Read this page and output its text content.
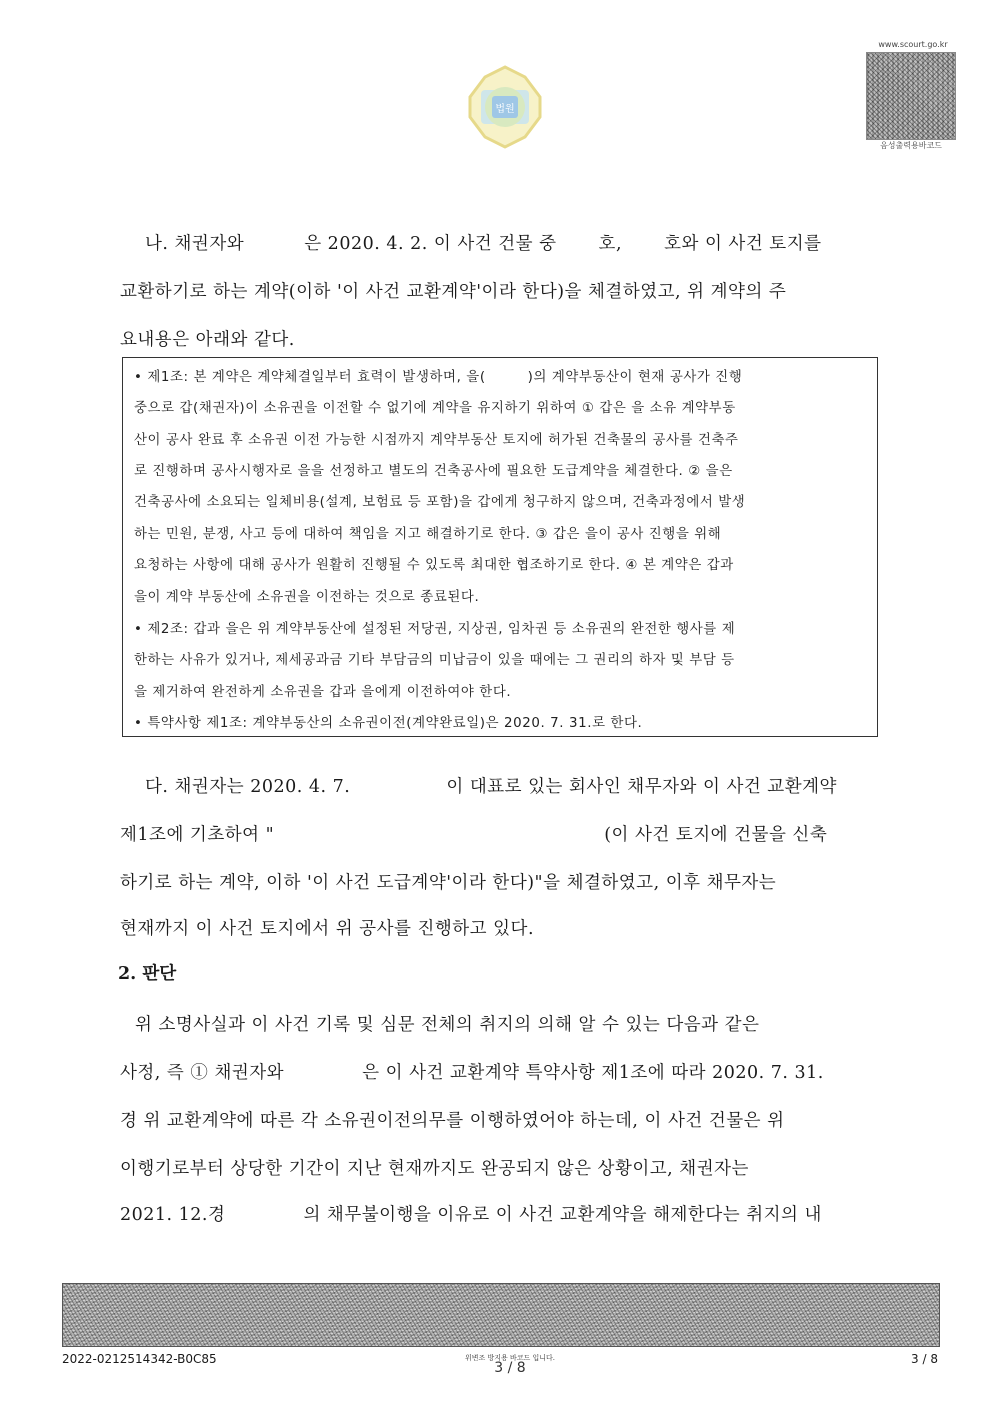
법원
www.scourt.go.kr
음성출력용바코드
나. 채권자와 　　　은 2020. 4. 2. 이 사건 건물 중 　　호, 　　호와 이 사건 토지를
교환하기로 하는 계약(이하 '이 사건 교환계약'이라 한다)을 체결하였고, 위 계약의 주
요내용은 아래와 같다.
• 제1조: 본 계약은 계약체결일부터 효력이 발생하며, 을(　　　)의 계약부동산이 현재 공사가 진행
중으로 갑(채권자)이 소유권을 이전할 수 없기에 계약을 유지하기 위하여 ① 갑은 을 소유 계약부동
산이 공사 완료 후 소유권 이전 가능한 시점까지 계약부동산 토지에 허가된 건축물의 공사를 건축주
로 진행하며 공사시행자로 을을 선정하고 별도의 건축공사에 필요한 도급계약을 체결한다. ② 을은
건축공사에 소요되는 일체비용(설계, 보험료 등 포함)을 갑에게 청구하지 않으며, 건축과정에서 발생
하는 민원, 분쟁, 사고 등에 대하여 책임을 지고 해결하기로 한다. ③ 갑은 을이 공사 진행을 위해
요청하는 사항에 대해 공사가 원활히 진행될 수 있도록 최대한 협조하기로 한다. ④ 본 계약은 갑과
을이 계약 부동산에 소유권을 이전하는 것으로 종료된다.
• 제2조: 갑과 을은 위 계약부동산에 설정된 저당권, 지상권, 임차권 등 소유권의 완전한 행사를 제
한하는 사유가 있거나, 제세공과금 기타 부담금의 미납금이 있을 때에는 그 권리의 하자 및 부담 등
을 제거하여 완전하게 소유권을 갑과 을에게 이전하여야 한다.
• 특약사항 제1조: 계약부동산의 소유권이전(계약완료일)은 2020. 7. 31.로 한다.
다. 채권자는 2020. 4. 7. 　　　　　이 대표로 있는 회사인 채무자와 이 사건 교환계약
제1조에 기초하여 " 　　　　　　　　　　　　　　　　　　(이 사건 토지에 건물을 신축
하기로 하는 계약, 이하 '이 사건 도급계약'이라 한다)"을 체결하였고, 이후 채무자는
현재까지 이 사건 토지에서 위 공사를 진행하고 있다.
2. 판단
위 소명사실과 이 사건 기록 및 심문 전체의 취지의 의해 알 수 있는 다음과 같은
사정, 즉 ① 채권자와 　　　　은 이 사건 교환계약 특약사항 제1조에 따라 2020. 7. 31.
경 위 교환계약에 따른 각 소유권이전의무를 이행하였어야 하는데, 이 사건 건물은 위
이행기로부터 상당한 기간이 지난 현재까지도 완공되지 않은 상황이고, 채권자는
2021. 12.경 　　　　의 채무불이행을 이유로 이 사건 교환계약을 해제한다는 취지의 내
2022-0212514342-B0C85	위변조 방지용 바코드 입니다.
3 / 8
3 / 8
